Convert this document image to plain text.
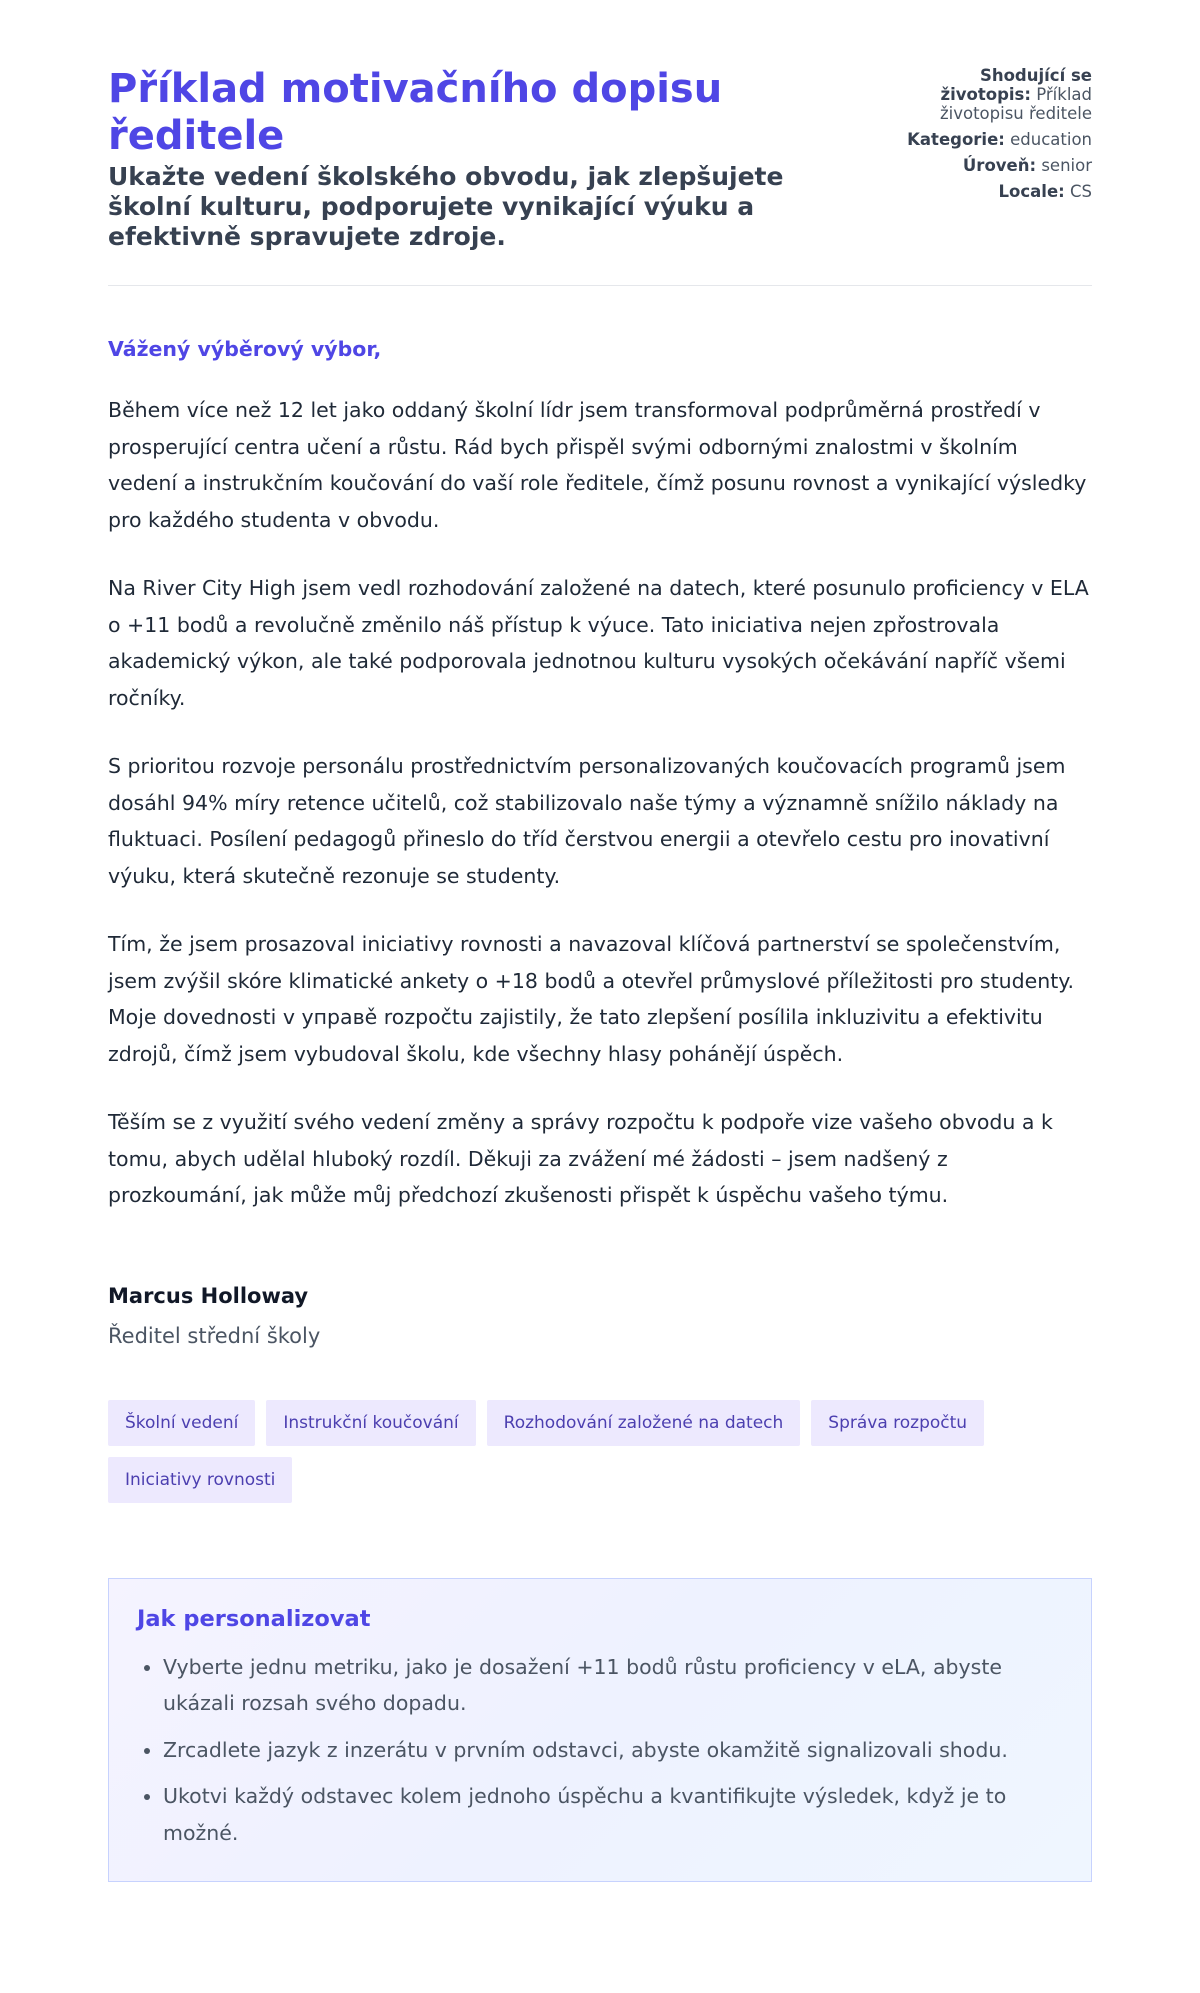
Příklad motivačního dopisu ředitele
Ukažte vedení školského obvodu, jak zlepšujete školní kulturu, podporujete vynikající výuku a efektivně spravujete zdroje.
Shodující se životopis: Příklad životopisu ředitele
Kategorie: education
Úroveň: senior
Locale: CS

Vážený výběrový výbor,

Během více než 12 let jako oddaný školní lídr jsem transformoval podprůměrná prostředí v prosperující centra učení a růstu. Rád bych přispěl svými odbornými znalostmi v školním vedení a instrukčním koučování do vaší role ředitele, čímž posunu rovnost a vynikající výsledky pro každého studenta v obvodu.

Na River City High jsem vedl rozhodování založené na datech, které posunulo proficiency v ELA o +11 bodů a revolučně změnilo náš přístup k výuce. Tato iniciativa nejen zpřostrovala akademický výkon, ale také podporovala jednotnou kulturu vysokých očekávání napříč všemi ročníky.

S prioritou rozvoje personálu prostřednictvím personalizovaných koučovacích programů jsem dosáhl 94% míry retence učitelů, což stabilizovalo naše týmy a významně snížilo náklady na fluktuaci. Posílení pedagogů přineslo do tříd čerstvou energii a otevřelo cestu pro inovativní výuku, která skutečně rezonuje se studenty.

Tím, že jsem prosazoval iniciativy rovnosti a navazoval klíčová partnerství se společenstvím, jsem zvýšil skóre klimatické ankety o +18 bodů a otevřel průmyslové příležitosti pro studenty. Moje dovednosti v управě rozpočtu zajistily, že tato zlepšení posílila inkluzivitu a efektivitu zdrojů, čímž jsem vybudoval školu, kde všechny hlasy pohánějí úspěch.

Těším se z využití svého vedení změny a správy rozpočtu k podpoře vize vašeho obvodu a k tomu, abych udělal hluboký rozdíl. Děkuji za zvážení mé žádosti – jsem nadšený z prozkoumání, jak může můj předchozí zkušenosti přispět k úspěchu vašeho týmu.

Marcus Holloway

Ředitel střední školy

Školní vedení	Instrukční koučování	Rozhodování založené na datech	Správa rozpočtu
Iniciativy rovnosti
Jak personalizovat
• Vyberte jednu metriku, jako je dosažení +11 bodů růstu proficiency v eLA, abyste ukázali rozsah svého dopadu.
• Zrcadlete jazyk z inzerátu v prvním odstavci, abyste okamžitě signalizovali shodu.
• Ukotvi každý odstavec kolem jednoho úspěchu a kvantifikujte výsledek, když je to možné.
